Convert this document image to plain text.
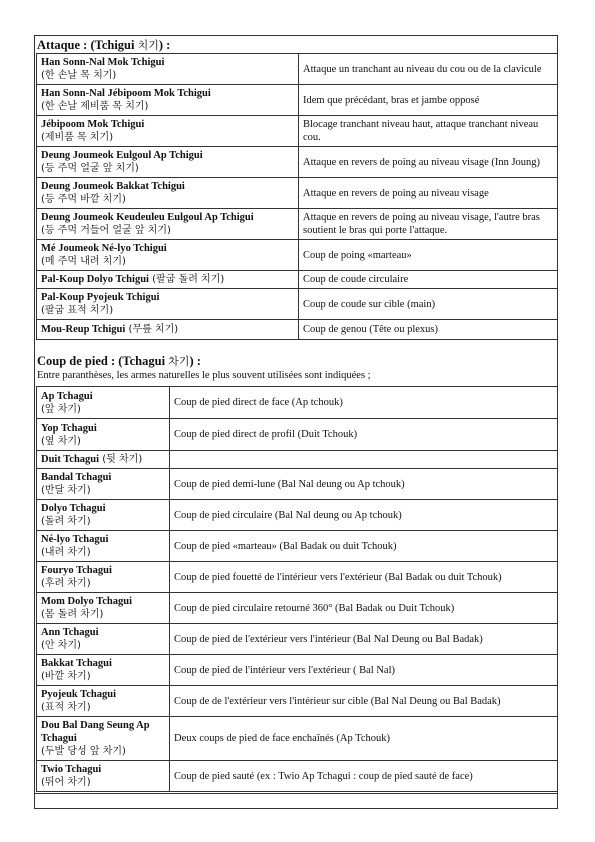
Attaque : (Tchigui 치기) :
Han Sonn-Nal Mok Tchigui
(한 손날 목 치기)	Attaque un tranchant au niveau du cou ou de la clavicule
Han Sonn-Nal Jébipoom Mok Tchigui
(한 손날 제비품 목 치기)	Idem que précédant, bras et jambe opposé
Jébipoom Mok Tchigui
(제비품 목 치기)	Blocage tranchant niveau haut, attaque tranchant niveau cou.
Deung Joumeok Eulgoul Ap Tchigui
(등 주먹 얼굴 앞 치기)	Attaque en revers de poing au niveau visage (Inn Joung)
Deung Joumeok Bakkat Tchigui
(등 주먹 바깥 치기)	Attaque en revers de poing au niveau visage
Deung Joumeok Keudeuleu Eulgoul Ap Tchigui
(등 주먹 거들어 얼굴 앞 치기)	Attaque en revers de poing au niveau visage, l'autre bras soutient le bras qui porte l'attaque.
Mé Joumeok Né-lyo Tchigui
(메 주먹 내려 치기)	Coup de poing «marteau»
Pal-Koup Dolyo Tchigui (팔굽 돌려 치기)	Coup de coude circulaire
Pal-Koup Pyojeuk Tchigui
(팔굽 표적 치기)	Coup de coude sur cible (main)
Mou-Reup Tchigui (무릎 치기)	Coup de genou (Tête ou plexus)
Coup de pied : (Tchagui 차기) :
Entre paranthèses, les armes naturelles le plus souvent utilisées sont indiquées ;
Ap Tchagui
(앞 차기)	Coup de pied direct de face (Ap tchouk)
Yop Tchagui
(옆 차기)	Coup de pied direct de profil (Duit Tchouk)
Duit Tchagui (뒷 차기)	
Bandal Tchagui
(반달 차기)	Coup de pied demi-lune (Bal Nal deung ou Ap tchouk)
Dolyo Tchagui
(돌려 차기)	Coup de pied circulaire (Bal Nal deung ou Ap tchouk)
Né-lyo Tchagui
(내려 차기)	Coup de pied «marteau» (Bal Badak ou duit Tchouk)
Fouryo Tchagui
(후려 차기)	Coup de pied fouetté de l'intérieur vers l'extérieur (Bal Badak ou duit Tchouk)
Mom Dolyo Tchagui
(몸 돌려 차기)	Coup de pied circulaire retourné 360° (Bal Badak ou Duit Tchouk)
Ann Tchagui
(안 차기)	Coup de pied de l'extérieur vers l'intérieur (Bal Nal Deung ou Bal Badak)
Bakkat Tchagui
(바깥 차기)	Coup de pied de l'intérieur vers l'extérieur ( Bal Nal)
Pyojeuk Tchagui
(표적 차기)	Coup de de l'extérieur vers l'intérieur sur cible (Bal Nal Deung ou Bal Badak)
Dou Bal Dang Seung Ap Tchagui
(두발 당성 앞 차기)	Deux coups de pied de face enchaînés (Ap Tchouk)
Twio Tchagui
(뛰어 차기)	Coup de pied sauté (ex : Twio Ap Tchagui : coup de pied sauté de face)
